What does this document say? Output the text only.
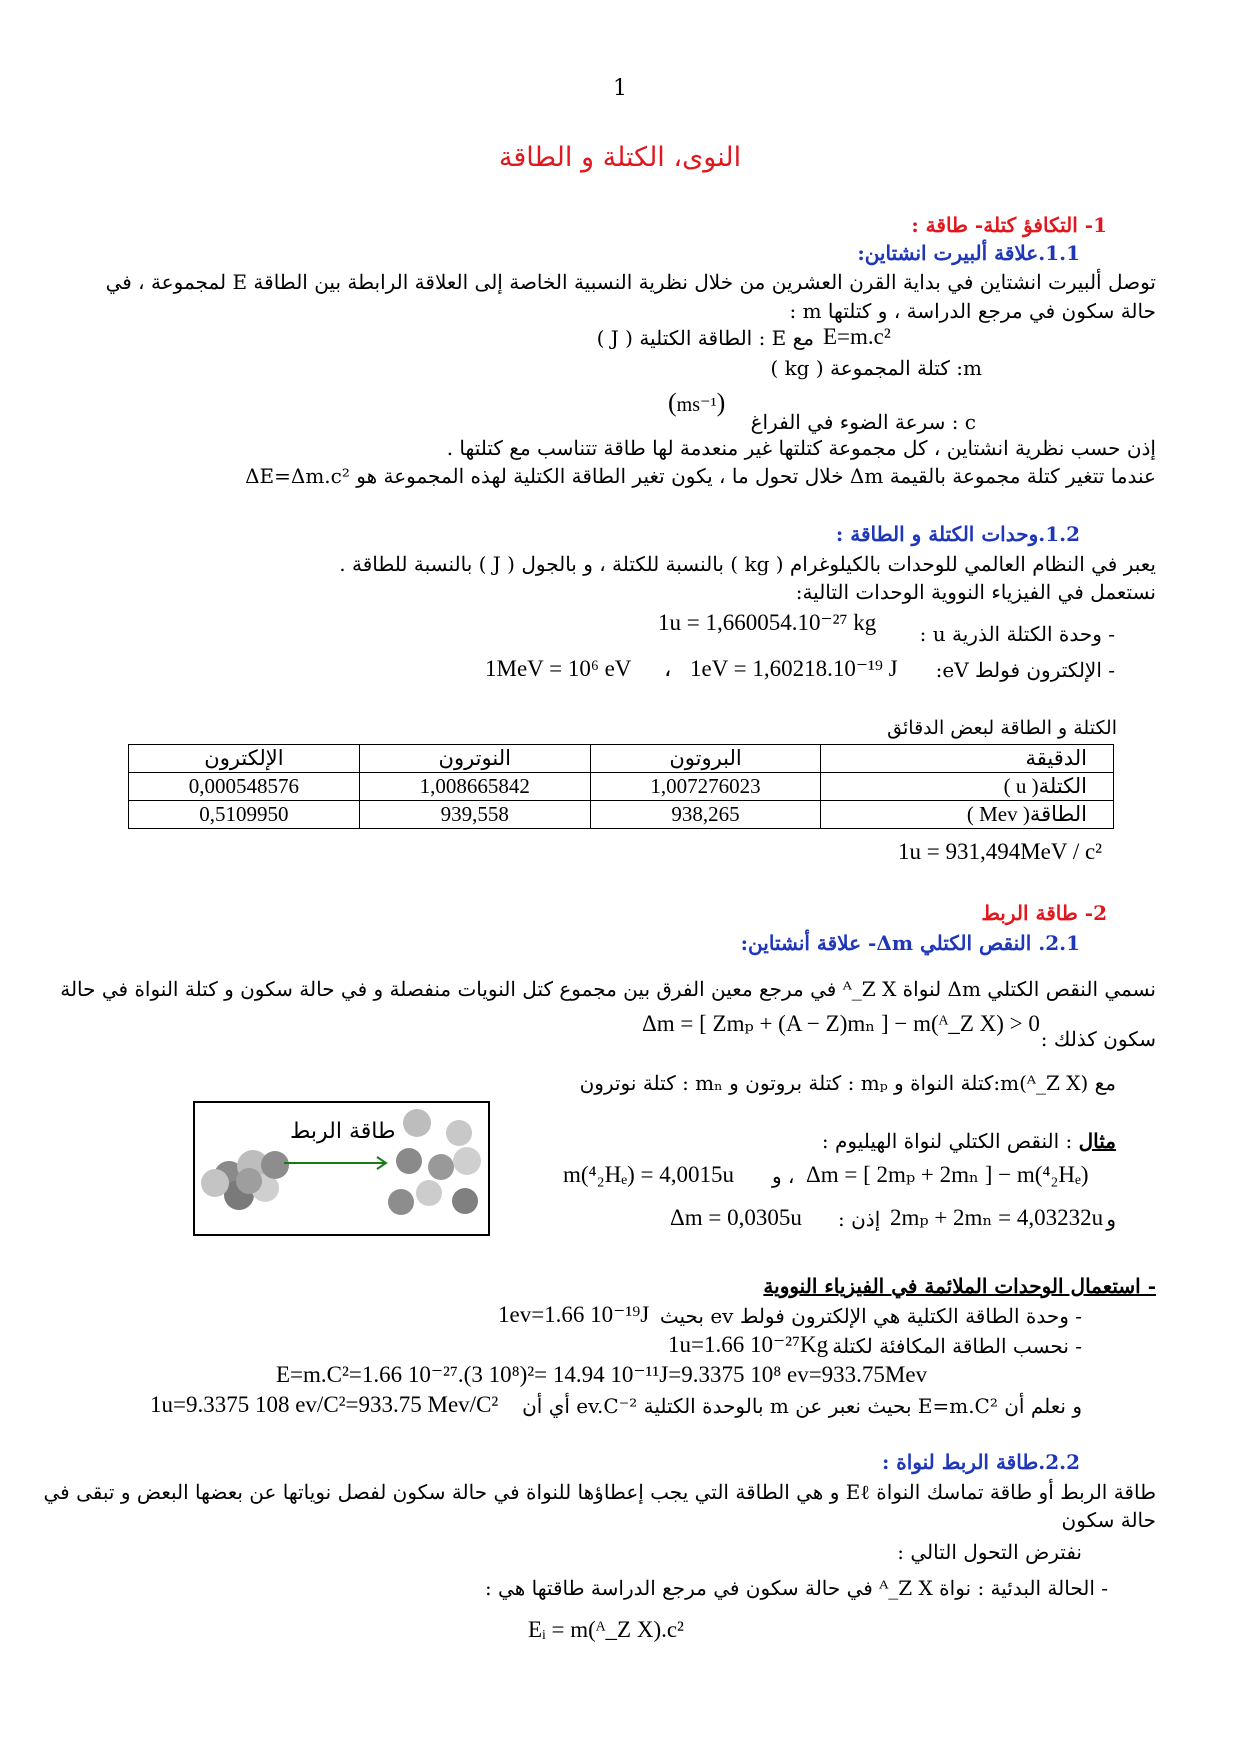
1
النوى، الكتلة و الطاقة
1- التكافؤ كتلة- طاقة :
1.1.علاقة ألبيرت انشتاين:
توصل ألبيرت انشتاين في بداية القرن العشرين من خلال نظرية النسبية الخاصة إلى العلاقة الرابطة بين الطاقة E لمجموعة ، في
حالة سكون في مرجع الدراسة ، و كتلتها m :
E=m.c²
مع E : الطاقة الكتلية ( J )
m: كتلة المجموعة ( kg )
c : سرعة الضوء في الفراغ
(ms⁻¹)
إذن حسب نظرية انشتاين ، كل مجموعة كتلتها غير منعدمة لها طاقة تتناسب مع كتلتها .
عندما تتغير كتلة مجموعة بالقيمة Δm خلال تحول ما ، يكون تغير الطاقة الكتلية لهذه المجموعة هو ΔE=Δm.c²
1.2.وحدات الكتلة و الطاقة :
يعبر في النظام العالمي للوحدات بالكيلوغرام ( kg ) بالنسبة للكتلة ، و بالجول ( J ) بالنسبة للطاقة .
نستعمل في الفيزياء النووية الوحدات التالية:
- وحدة الكتلة الذرية u :
1u = 1,660054.10⁻²⁷ kg
- الإلكترون فولط eV:
1eV = 1,60218.10⁻¹⁹ J
،
1MeV = 10⁶ eV
الكتلة و الطاقة لبعض الدقائق
الدقيقة	البروتون	النوترون	الإلكترون
الكتلة( u )	1,007276023	1,008665842	0,000548576
الطاقة( Mev )	938,265	939,558	0,5109950
1u = 931,494MeV / c²
2- طاقة الربط
2.1. النقص الكتلي Δm- علاقة أنشتاين:
نسمي النقص الكتلي Δm لنواة ᴬ_Z X في مرجع معين الفرق بين مجموع كتل النويات منفصلة و في حالة سكون و كتلة النواة في حالة
سكون كذلك :
Δm = [ Zmₚ + (A − Z)mₙ ] − m(ᴬ_Z X) > 0
مع m(ᴬ_Z X):كتلة النواة و mₚ : كتلة بروتون و mₙ : كتلة نوترون
طاقة الربط	مثال : النقص الكتلي لنواة الهيليوم :
m(⁴₂Hₑ) = 4,0015u	، و	Δm = [ 2mₚ + 2mₙ ] − m(⁴₂Hₑ)
Δm = 0,0305u إذن : 2mₚ + 2mₙ = 4,03232u و
- استعمال الوحدات الملائمة في الفيزياء النووية
- وحدة الطاقة الكتلية هي الإلكترون فولط ev بحيث
1ev=1.66 10⁻¹⁹J
- نحسب الطاقة المكافئة لكتلة
1u=1.66 10⁻²⁷Kg
E=m.C²=1.66 10⁻²⁷.(3 10⁸)²= 14.94 10⁻¹¹J=9.3375 10⁸ ev=933.75Mev
و نعلم أن E=m.C² بحيث نعبر عن m بالوحدة الكتلية ev.C⁻² أي أن
1u=9.3375 108 ev/C²=933.75 Mev/C²
2.2.طاقة الربط لنواة :
طاقة الربط أو طاقة تماسك النواة Eℓ و هي الطاقة التي يجب إعطاؤها للنواة في حالة سكون لفصل نوياتها عن بعضها البعض و تبقى في
حالة سكون
نفترض التحول التالي :
- الحالة البدئية : نواة ᴬ_Z X في حالة سكون في مرجع الدراسة طاقتها هي :
Eᵢ = m(ᴬ_Z X).c²
